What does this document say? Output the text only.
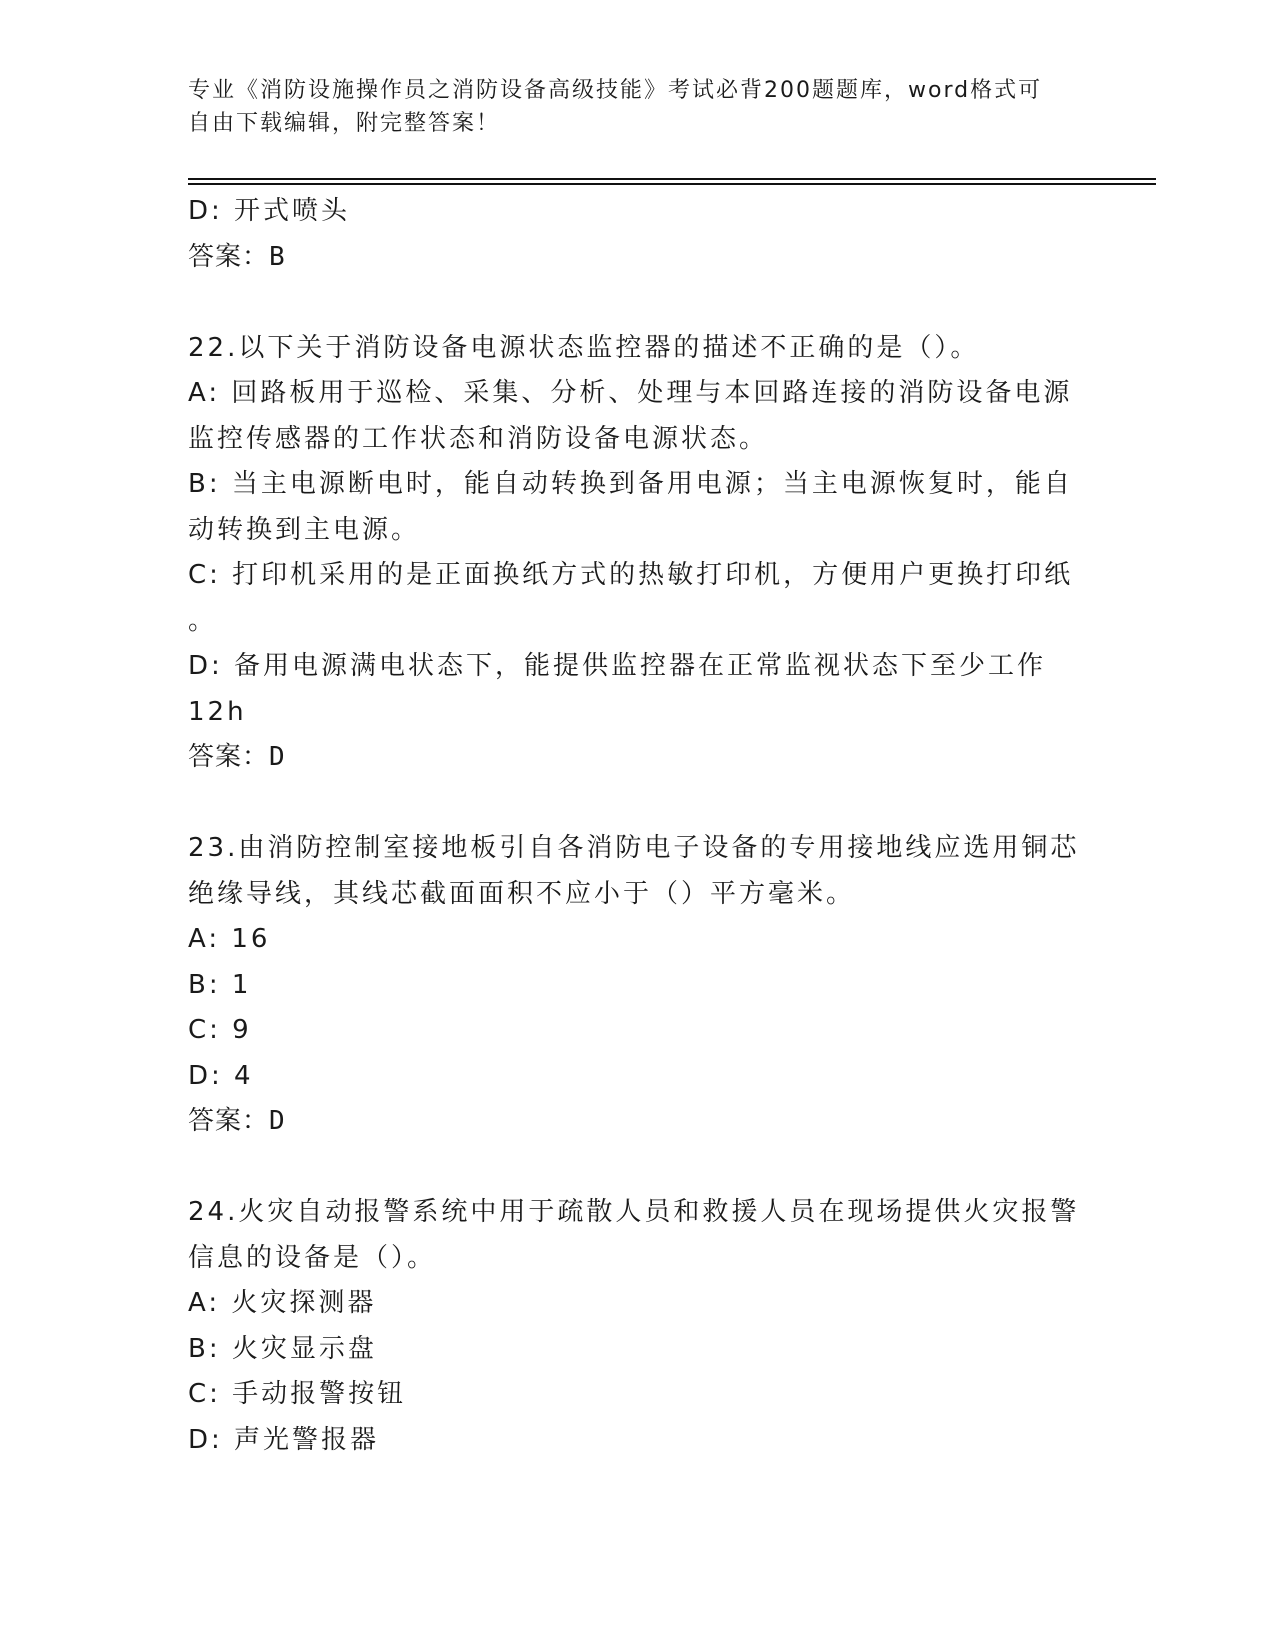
专业《消防设施操作员之消防设备高级技能》考试必背200题题库，word格式可
自由下载编辑，附完整答案！
D: 开式喷头
答案：B
22.以下关于消防设备电源状态监控器的描述不正确的是（）。
A: 回路板用于巡检、采集、分析、处理与本回路连接的消防设备电源
监控传感器的工作状态和消防设备电源状态。
B: 当主电源断电时，能自动转换到备用电源；当主电源恢复时，能自
动转换到主电源。
C: 打印机采用的是正面换纸方式的热敏打印机，方便用户更换打印纸
。
D: 备用电源满电状态下，能提供监控器在正常监视状态下至少工作
12h
答案：D
23.由消防控制室接地板引自各消防电子设备的专用接地线应选用铜芯
绝缘导线，其线芯截面面积不应小于（）平方毫米。
A: 16
B: 1
C: 9
D: 4
答案：D
24.火灾自动报警系统中用于疏散人员和救援人员在现场提供火灾报警
信息的设备是（）。
A: 火灾探测器
B: 火灾显示盘
C: 手动报警按钮
D: 声光警报器
